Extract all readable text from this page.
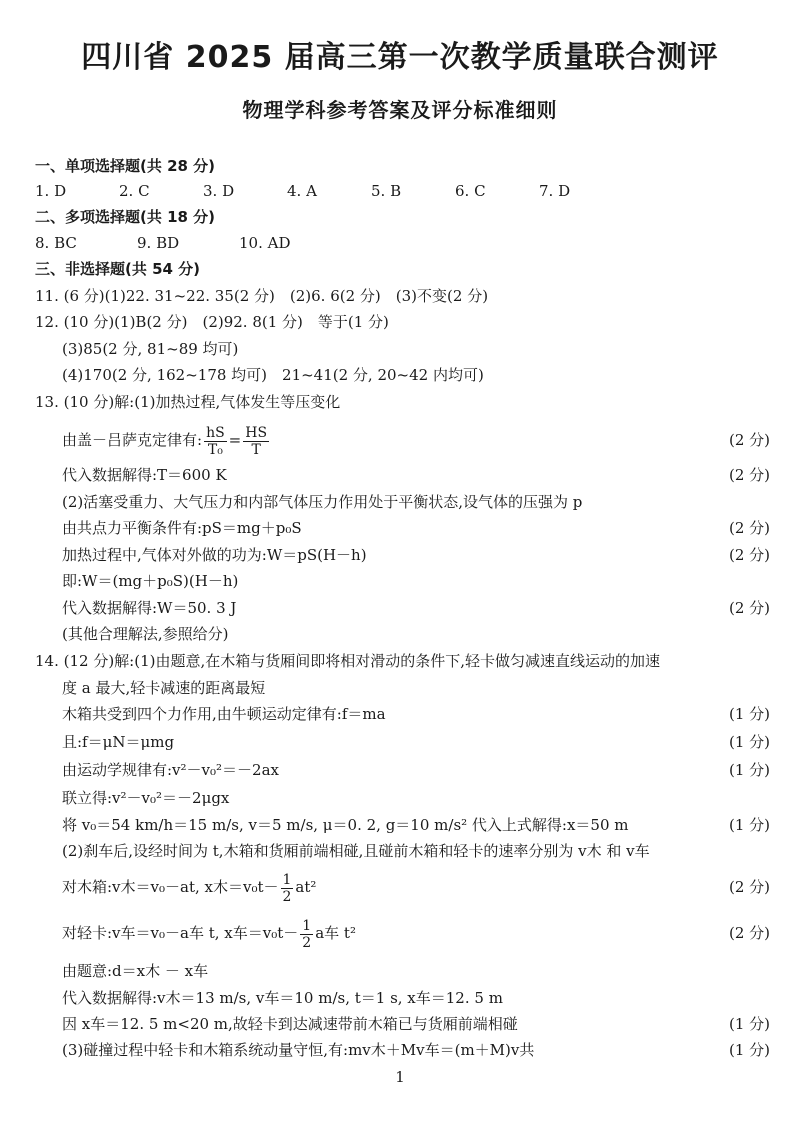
四川省 2025 届高三第一次教学质量联合测评
物理学科参考答案及评分标准细则
一、单项选择题(共 28 分)
1. D	2. C	3. D	4. A	5. B	6. C	7. D
二、多项选择题(共 18 分)
8. BC	9. BD	10. AD
三、非选择题(共 54 分)
11. (6 分)(1)22. 31~22. 35(2 分)　(2)6. 6(2 分)　(3)不变(2 分)
12. (10 分)(1)B(2 分)　(2)92. 8(1 分)　等于(1 分)
(3)85(2 分, 81~89 均可)
(4)170(2 分, 162~178 均可)　21~41(2 分, 20~42 内均可)
13. (10 分)解:(1)加热过程,气体发生等压变化
由盖－吕萨克定律有: $\frac{hS}{\text{T₀}} = \frac{HS}{T}$	(2 分)
代入数据解得:T＝600 K	(2 分)
(2)活塞受重力、大气压力和内部气体压力作用处于平衡状态,设气体的压强为 p
由共点力平衡条件有:pS＝mg＋p₀S	(2 分)
加热过程中,气体对外做的功为:W＝pS(H－h)	(2 分)
即:W＝(mg＋p₀S)(H－h)
代入数据解得:W＝50. 3 J	(2 分)
(其他合理解法,参照给分)
14. (12 分)解:(1)由题意,在木箱与货厢间即将相对滑动的条件下,轻卡做匀减速直线运动的加速
度 a 最大,轻卡减速的距离最短
木箱共受到四个力作用,由牛顿运动定律有:f＝ma	(1 分)
且:f＝μN＝μmg	(1 分)
由运动学规律有:v²－v₀²＝－2ax	(1 分)
联立得:v²－v₀²＝－2μgx
将 v₀＝54 km/h＝15 m/s, v＝5 m/s, μ＝0. 2, g＝10 m/s² 代入上式解得:x＝50 m	(1 分)
(2)刹车后,设经时间为 t,木箱和货厢前端相碰,且碰前木箱和轻卡的速率分别为 v木 和 v车
对木箱:v木＝v₀－at, x木$=v_0t- \frac{1}{2} at^2$	(2 分)
对轻卡:v车＝v₀－a车 t, x车$=v_0t- \frac{1}{2}$ a车 t²	(2 分)
由题意:d＝x木 － x车
代入数据解得:v木＝13 m/s, v车＝10 m/s, t＝1 s, x车＝12. 5 m
因 x车＝12. 5 m<20 m,故轻卡到达减速带前木箱已与货厢前端相碰	(1 分)
(3)碰撞过程中轻卡和木箱系统动量守恒,有:mv木＋Mv车＝(m＋M)v共	(1 分)
1
